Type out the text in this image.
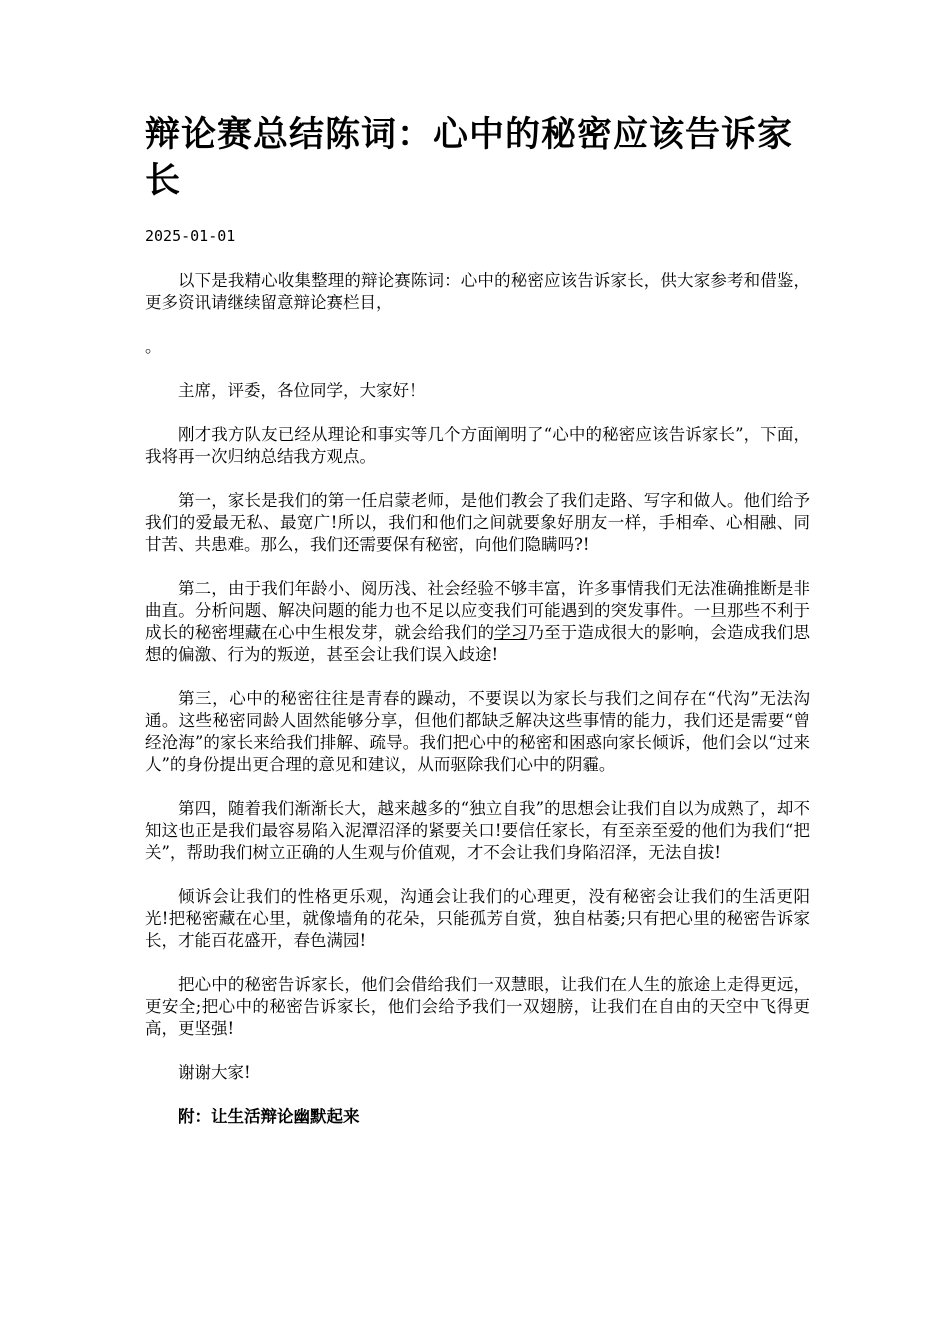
辩论赛总结陈词：心中的秘密应该告诉家长
2025-01-01

以下是我精心收集整理的辩论赛陈词：心中的秘密应该告诉家长，供大家参考和借鉴，更多资讯请继续留意辩论赛栏目，

。

主席，评委，各位同学，大家好！

刚才我方队友已经从理论和事实等几个方面阐明了“心中的秘密应该告诉家长”，下面，我将再一次归纳总结我方观点。

第一，家长是我们的第一任启蒙老师，是他们教会了我们走路、写字和做人。他们给予我们的爱最无私、最宽广!所以，我们和他们之间就要象好朋友一样，手相牵、心相融、同甘苦、共患难。那么，我们还需要保有秘密，向他们隐瞒吗?!

第二，由于我们年龄小、阅历浅、社会经验不够丰富，许多事情我们无法准确推断是非曲直。分析问题、解决问题的能力也不足以应变我们可能遇到的突发事件。一旦那些不利于成长的秘密埋藏在心中生根发芽，就会给我们的学习乃至于造成很大的影响，会造成我们思想的偏激、行为的叛逆，甚至会让我们误入歧途!

第三，心中的秘密往往是青春的躁动，不要误以为家长与我们之间存在“代沟”无法沟通。这些秘密同龄人固然能够分享，但他们都缺乏解决这些事情的能力，我们还是需要“曾经沧海”的家长来给我们排解、疏导。我们把心中的秘密和困惑向家长倾诉，他们会以“过来人”的身份提出更合理的意见和建议，从而驱除我们心中的阴霾。

第四，随着我们渐渐长大，越来越多的“独立自我”的思想会让我们自以为成熟了，却不知这也正是我们最容易陷入泥潭沼泽的紧要关口!要信任家长，有至亲至爱的他们为我们“把关”，帮助我们树立正确的人生观与价值观，才不会让我们身陷沼泽，无法自拔!

倾诉会让我们的性格更乐观，沟通会让我们的心理更，没有秘密会让我们的生活更阳光!把秘密藏在心里，就像墙角的花朵，只能孤芳自赏，独自枯萎;只有把心里的秘密告诉家长，才能百花盛开，春色满园!

把心中的秘密告诉家长，他们会借给我们一双慧眼，让我们在人生的旅途上走得更远，更安全;把心中的秘密告诉家长，他们会给予我们一双翅膀，让我们在自由的天空中飞得更高，更坚强!

谢谢大家!

附：让生活辩论幽默起来
